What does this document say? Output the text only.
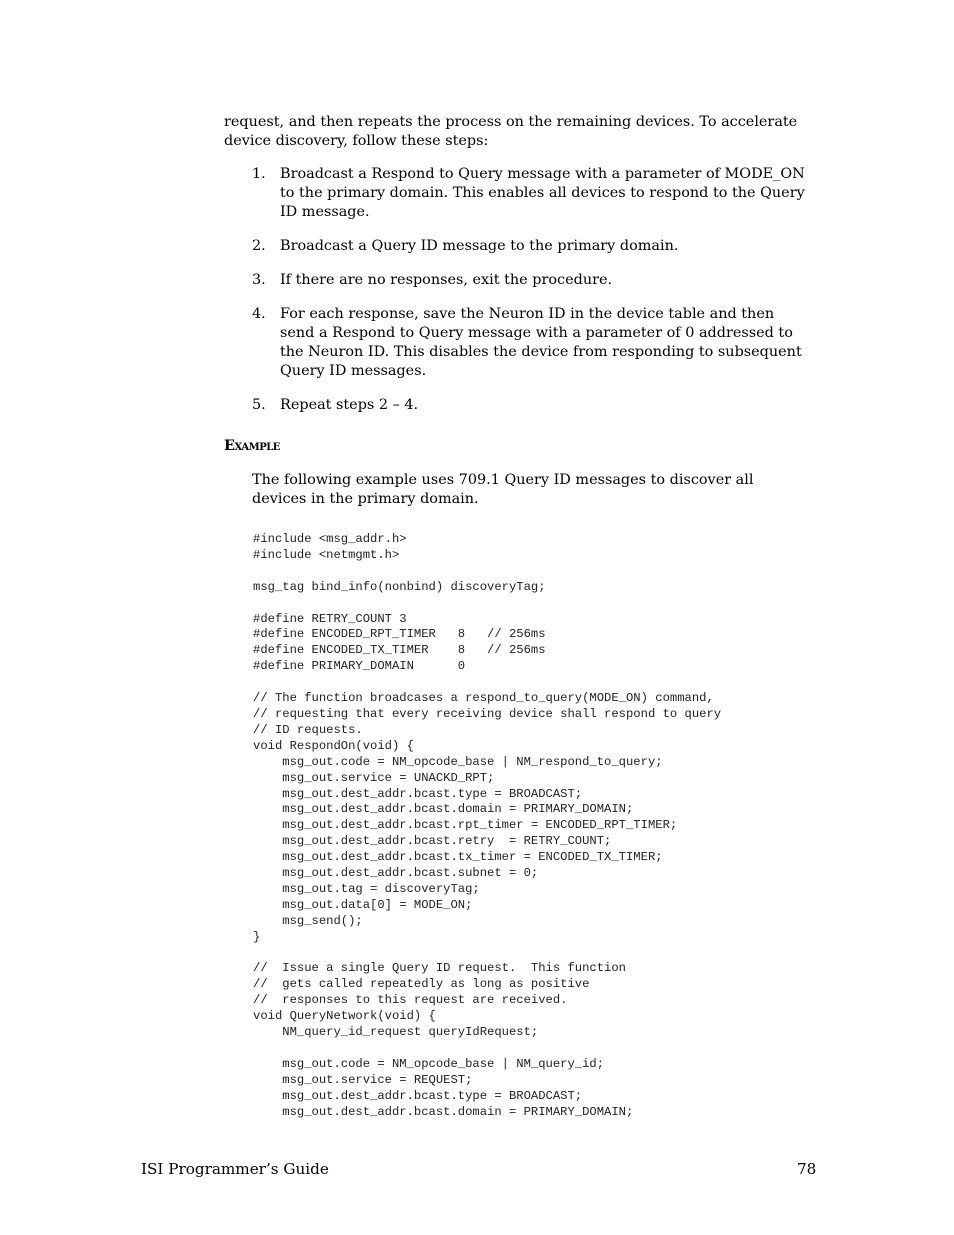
request, and then repeats the process on the remaining devices. To accelerate device discovery, follow these steps:

1. Broadcast a Respond to Query message with a parameter of MODE_ON to the primary domain. This enables all devices to respond to the Query ID message.
2. Broadcast a Query ID message to the primary domain.
3. If there are no responses, exit the procedure.
4. For each response, save the Neuron ID in the device table and then send a Respond to Query message with a parameter of 0 addressed to the Neuron ID. This disables the device from responding to subsequent Query ID messages.
5. Repeat steps 2 – 4.
Example

The following example uses 709.1 Query ID messages to discover all devices in the primary domain.

#include <msg_addr.h>
#include <netmgmt.h>

msg_tag bind_info(nonbind) discoveryTag;

#define RETRY_COUNT 3
#define ENCODED_RPT_TIMER   8   // 256ms
#define ENCODED_TX_TIMER    8   // 256ms
#define PRIMARY_DOMAIN      0

// The function broadcases a respond_to_query(MODE_ON) command,
// requesting that every receiving device shall respond to query
// ID requests.
void RespondOn(void) {
msg_out.code = NM_opcode_base | NM_respond_to_query;
msg_out.service = UNACKD_RPT;
msg_out.dest_addr.bcast.type = BROADCAST;
msg_out.dest_addr.bcast.domain = PRIMARY_DOMAIN;
msg_out.dest_addr.bcast.rpt_timer = ENCODED_RPT_TIMER;
msg_out.dest_addr.bcast.retry  = RETRY_COUNT;
msg_out.dest_addr.bcast.tx_timer = ENCODED_TX_TIMER;
msg_out.dest_addr.bcast.subnet = 0;
msg_out.tag = discoveryTag;
msg_out.data[0] = MODE_ON;
msg_send();
}

//  Issue a single Query ID request.  This function
//  gets called repeatedly as long as positive
//  responses to this request are received.
void QueryNetwork(void) {
NM_query_id_request queryIdRequest;

msg_out.code = NM_opcode_base | NM_query_id;
msg_out.service = REQUEST;
msg_out.dest_addr.bcast.type = BROADCAST;
msg_out.dest_addr.bcast.domain = PRIMARY_DOMAIN;

ISI Programmer’s Guide	78
